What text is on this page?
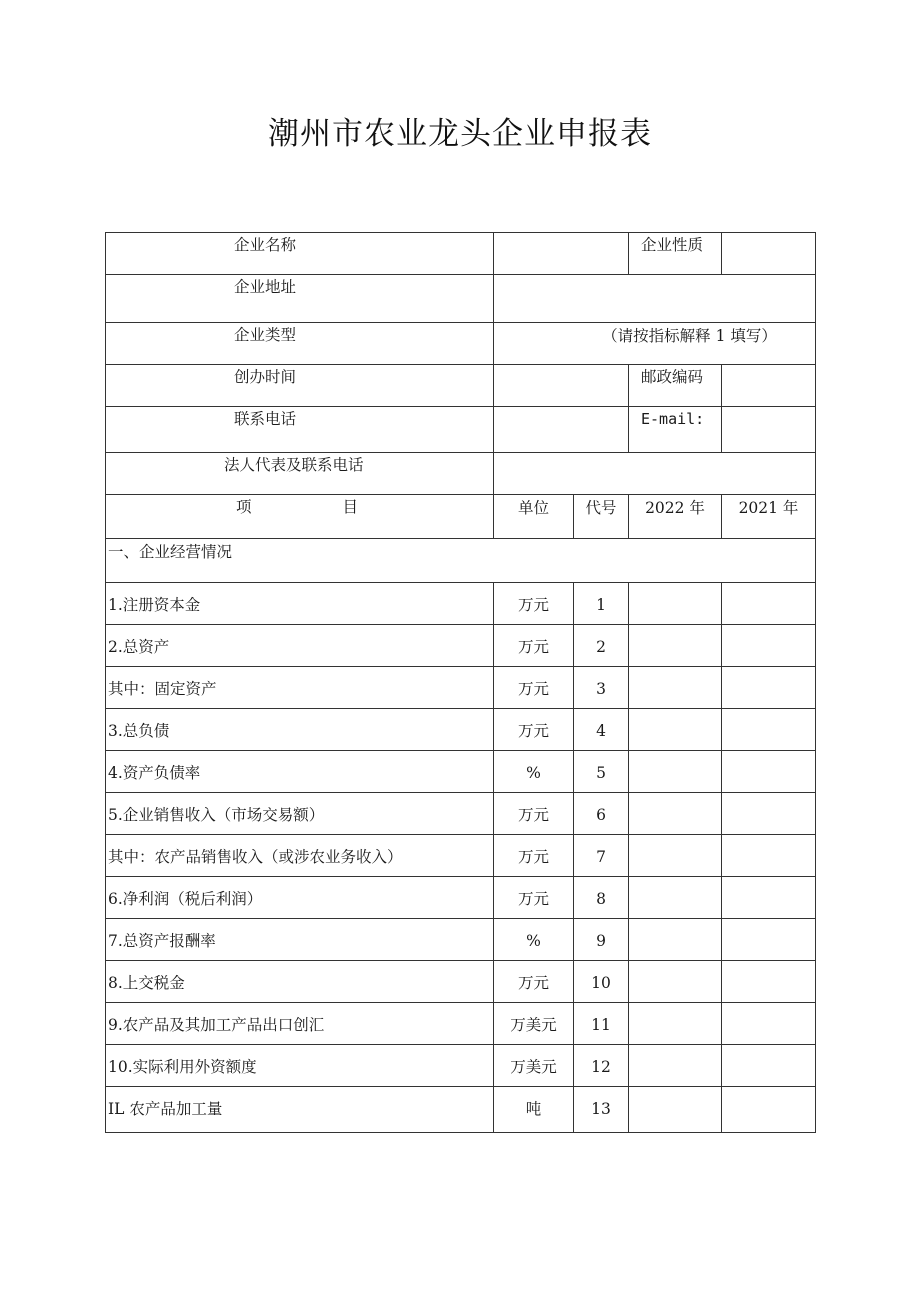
潮州市农业龙头企业申报表
企业名称			企业性质	
企业地址				
企业类型	（请按指标解释 1 填写）			
创办时间			邮政编码	
联系电话			E-mail:	
法人代表及联系电话				
项 目	单位	代号	2022 年	2021 年
一、企业经营情况				
1.注册资本金	万元	1		
2.总资产	万元	2		
其中：固定资产	万元	3		
3.总负债	万元	4		
4.资产负债率	%	5		
5.企业销售收入（市场交易额）	万元	6		
其中：农产品销售收入（或涉农业务收入）	万元	7		
6.净利润（税后利润）	万元	8		
7.总资产报酬率	%	9		
8.上交税金	万元	10		
9.农产品及其加工产品出口创汇	万美元	11		
10.实际利用外资额度	万美元	12		
IL 农产品加工量	吨	13		
